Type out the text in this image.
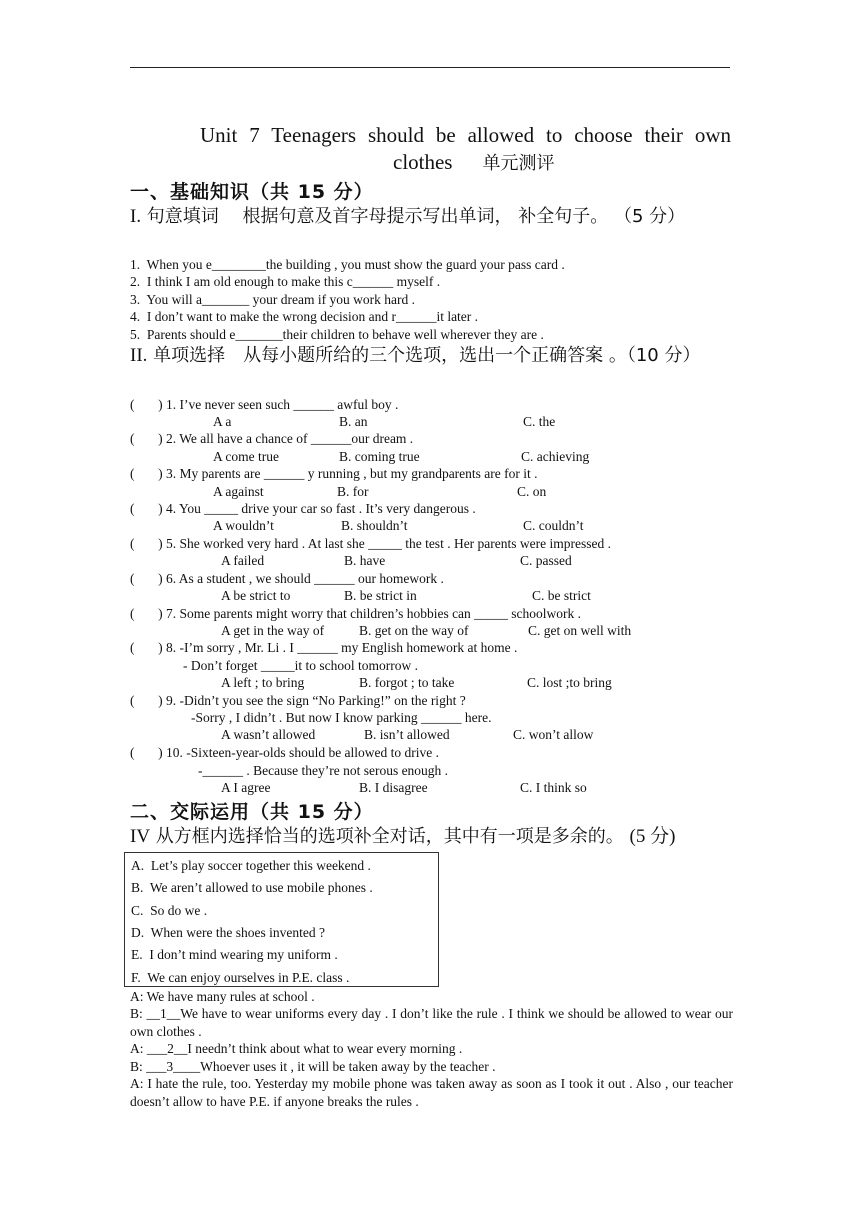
Unit 7 Teenagers should be allowed to choose their own
clothes 单元测评
一、基础知识（共 15 分）
I. 句意填词　 根据句意及首字母提示写出单词， 补全句子。 （5 分）
1.  When you e________the building , you must show the guard your pass card .
2.  I think I am old enough to make this c______ myself .
3.  You will a_______ your dream if you work hard .
4.  I don’t want to make the wrong decision and r______it later .
5.  Parents should e_______their children to behave well wherever they are .
II. 单项选择　从每小题所给的三个选项，选出一个正确答案 。（10 分）
(       ) 1. I’ve never seen such ______ awful boy .
A a	B. an	C. the
(       ) 2. We all have a chance of ______our dream .
A come true	B. coming true	C. achieving
(       ) 3. My parents are ______ y running , but my grandparents are for it .
A against	B. for	C. on
(       ) 4. You _____ drive your car so fast . It’s very dangerous .
A wouldn’t	B. shouldn’t	C. couldn’t
(       ) 5. She worked very hard . At last she _____ the test . Her parents were impressed .
A failed	B. have	C. passed
(       ) 6. As a student , we should ______ our homework .
A be strict to	B. be strict in	C. be strict
(       ) 7. Some parents might worry that children’s hobbies can _____ schoolwork .
A get in the way of	B. get on the way of	C. get on well with
(       ) 8. -I’m sorry , Mr. Li . I ______ my English homework at home .
- Don’t forget _____it to school tomorrow .
A left ; to bring	B. forgot ; to take	C. lost ;to bring
(       ) 9. -Didn’t you see the sign “No Parking!” on the right ?
-Sorry , I didn’t . But now I know parking ______ here.
A wasn’t allowed	B. isn’t allowed	C. won’t allow
(       ) 10. -Sixteen-year-olds should be allowed to drive .
-______ . Because they’re not serous enough .
A I agree	B. I disagree	C. I think so
二、交际运用（共 15 分）
IV 从方框内选择恰当的选项补全对话，其中有一项是多余的。 (5 分)
A.  Let’s play soccer together this weekend .
B.  We aren’t allowed to use mobile phones .
C.  So do we .
D.  When were the shoes invented ?
E.  I don’t mind wearing my uniform .
F.  We can enjoy ourselves in P.E. class .
A: We have many rules at school .
B: __1__We have to wear uniforms every day . I don’t like the rule . I think we should be allowed to wear our own clothes .
A: ___2__I needn’t think about what to wear every morning .
B: ___3____Whoever uses it , it will be taken away by the teacher .
A: I hate the rule, too. Yesterday my mobile phone was taken away as soon as I took it out . Also , our teacher doesn’t allow to have P.E. if anyone breaks the rules .
